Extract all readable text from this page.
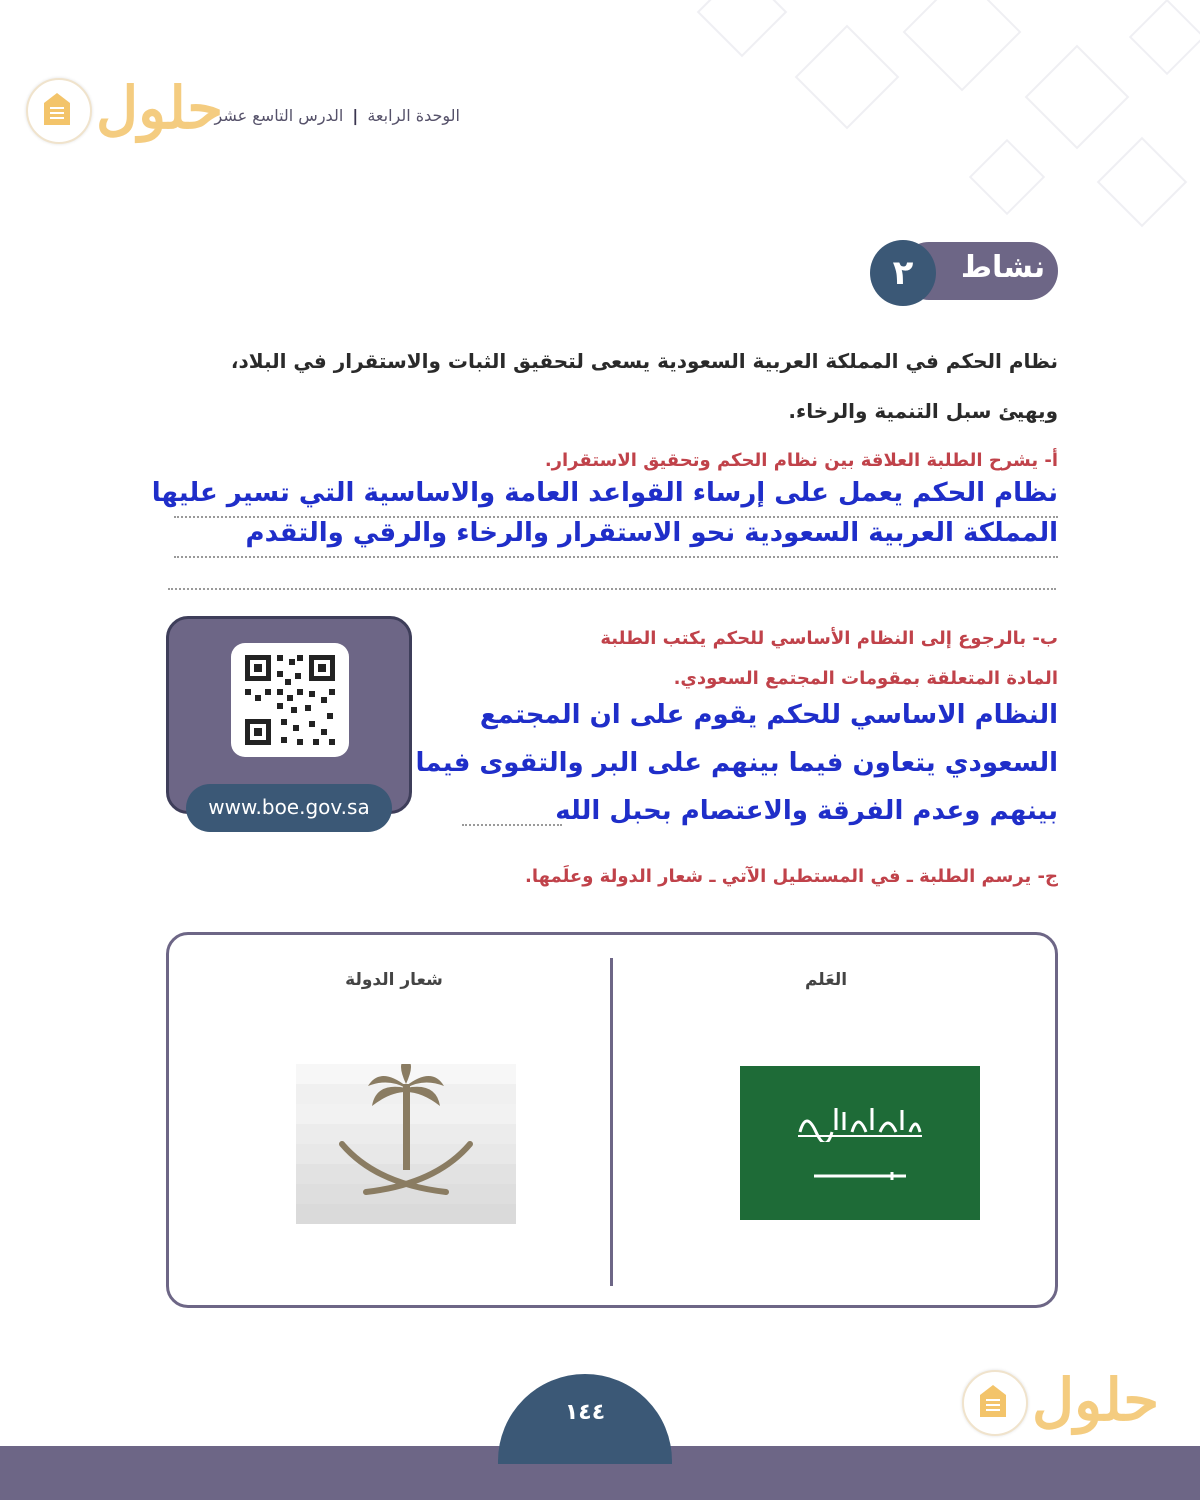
الوحدة الرابعة | الدرس التاسع عشر
حلول
نشاط
٢
نظام الحكم في المملكة العربية السعودية يسعى لتحقيق الثبات والاستقرار في البلاد،
ويهيئ سبل التنمية والرخاء.
أ- يشرح الطلبة العلاقة بين نظام الحكم وتحقيق الاستقرار.
نظام الحكم يعمل على إرساء القواعد العامة والاساسية التي تسير عليها
المملكة العربية السعودية نحو الاستقرار والرخاء والرقي والتقدم
ب- بالرجوع إلى النظام الأساسي للحكم يكتب الطلبة
المادة المتعلقة بمقومات المجتمع السعودي.
النظام الاساسي للحكم يقوم على ان المجتمع
السعودي يتعاون فيما بينهم على البر والتقوى فيما
بينهم وعدم الفرقة والاعتصام بحبل الله
www.boe.gov.sa
ج- يرسم الطلبة ـ في المستطيل الآتي ـ شعار الدولة وعلَمها.
العَلم
شعار الدولة
١٤٤	حلول
